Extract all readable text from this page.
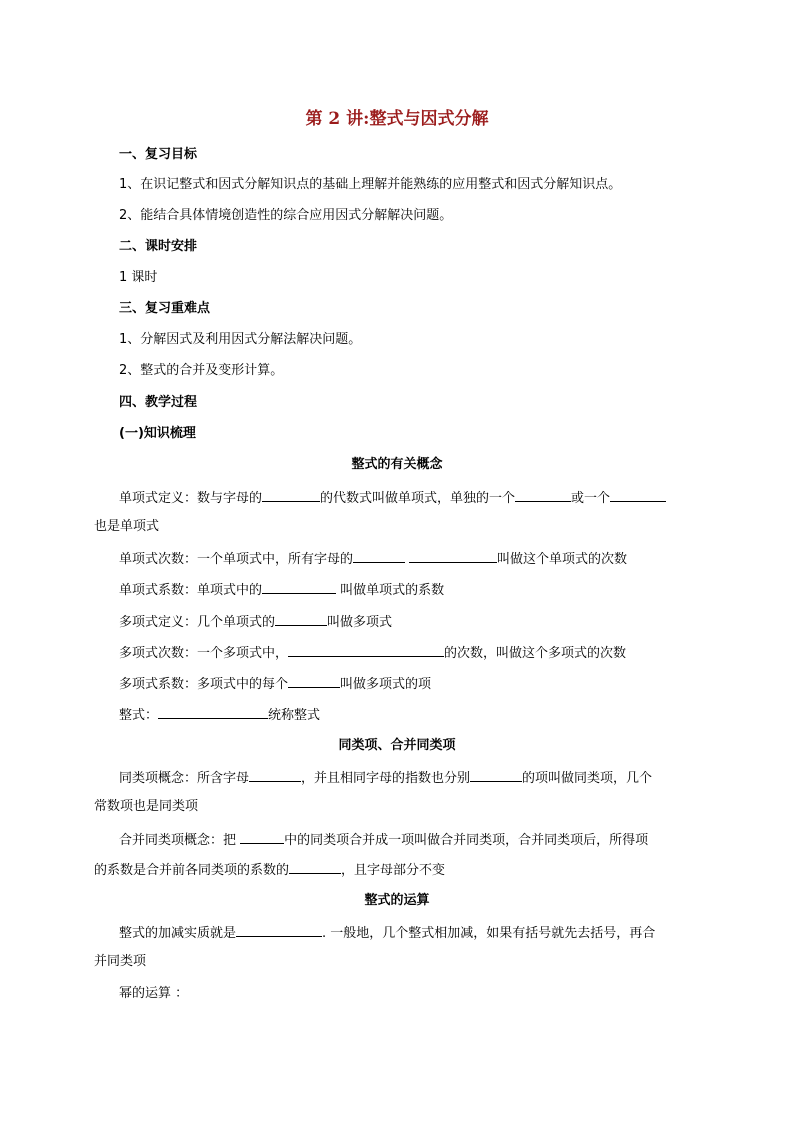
第 2 讲:整式与因式分解
一、复习目标
1、在识记整式和因式分解知识点的基础上理解并能熟练的应用整式和因式分解知识点。
2、能结合具体情境创造性的综合应用因式分解解决问题。
二、课时安排
1 课时
三、复习重难点
1、分解因式及利用因式分解法解决问题。
2、整式的合并及变形计算。
四、教学过程
(一)知识梳理
整式的有关概念
单项式定义：数与字母的	的代数式叫做单项式，单独的一个	或一个
也是单项式
单项式次数：一个单项式中，所有字母的	叫做这个单项式的次数
单项式系数：单项式中的	叫做单项式的系数
多项式定义：几个单项式的	叫做多项式
多项式次数：一个多项式中，	的次数，叫做这个多项式的次数
多项式系数：多项式中的每个	叫做多项式的项
整式：	统称整式
同类项、合并同类项
同类项概念：所含字母	，并且相同字母的指数也分别	的项叫做同类项，几个
常数项也是同类项
合并同类项概念：把	中的同类项合并成一项叫做合并同类项，合并同类项后，所得项
的系数是合并前各同类项的系数的	，且字母部分不变
整式的运算
整式的加减实质就是	. 一般地，几个整式相加减，如果有括号就先去括号，再合
并同类项
幂的运算 ：
